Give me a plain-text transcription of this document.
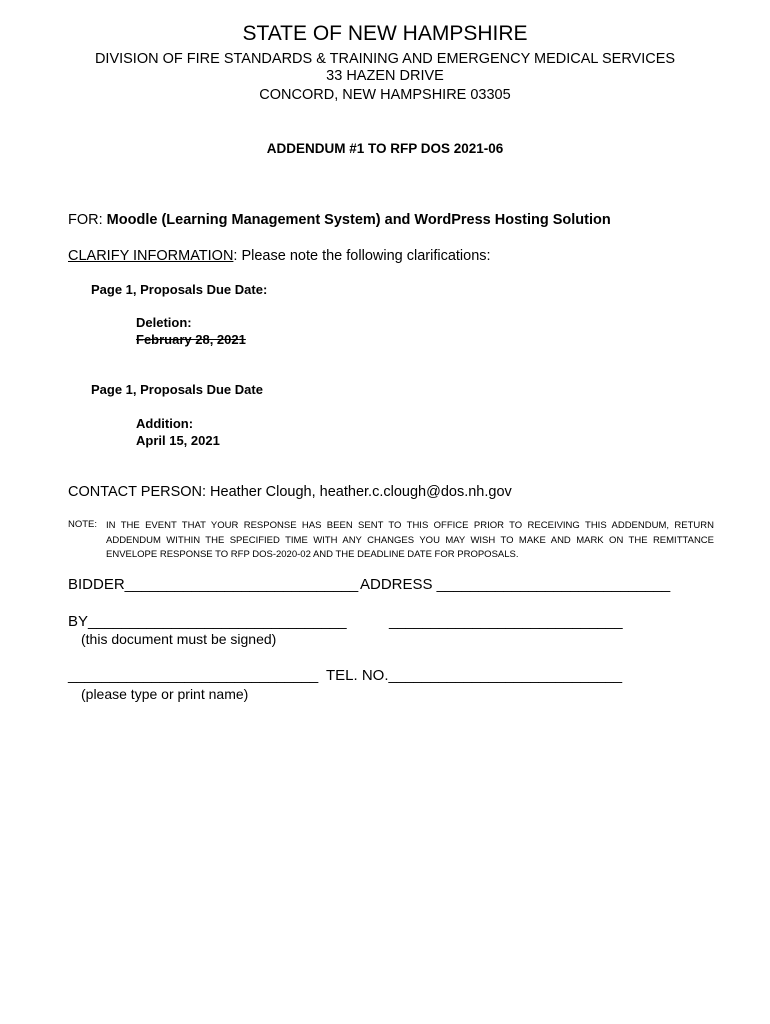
STATE OF NEW HAMPSHIRE
DIVISION OF FIRE STANDARDS & TRAINING AND EMERGENCY MEDICAL SERVICES
33 HAZEN DRIVE
CONCORD, NEW HAMPSHIRE 03305
ADDENDUM #1 TO RFP DOS 2021-06
FOR: Moodle (Learning Management System) and WordPress Hosting Solution
CLARIFY INFORMATION: Please note the following clarifications:
Page 1, Proposals Due Date:
Deletion:
February 28, 2021
Page 1, Proposals Due Date
Addition:
April 15, 2021
CONTACT PERSON: Heather Clough, heather.c.clough@dos.nh.gov
NOTE: IN THE EVENT THAT YOUR RESPONSE HAS BEEN SENT TO THIS OFFICE PRIOR TO RECEIVING THIS ADDENDUM, RETURN ADDENDUM WITHIN THE SPECIFIED TIME WITH ANY CHANGES YOU MAY WISH TO MAKE AND MARK ON THE REMITTANCE ENVELOPE RESPONSE TO RFP DOS-2020-02 AND THE DEADLINE DATE FOR PROPOSALS.
BIDDER____________________________ ADDRESS ____________________________
BY_______________________________	____________________________
(this document must be signed)
______________________________ TEL. NO.____________________________
(please type or print name)
